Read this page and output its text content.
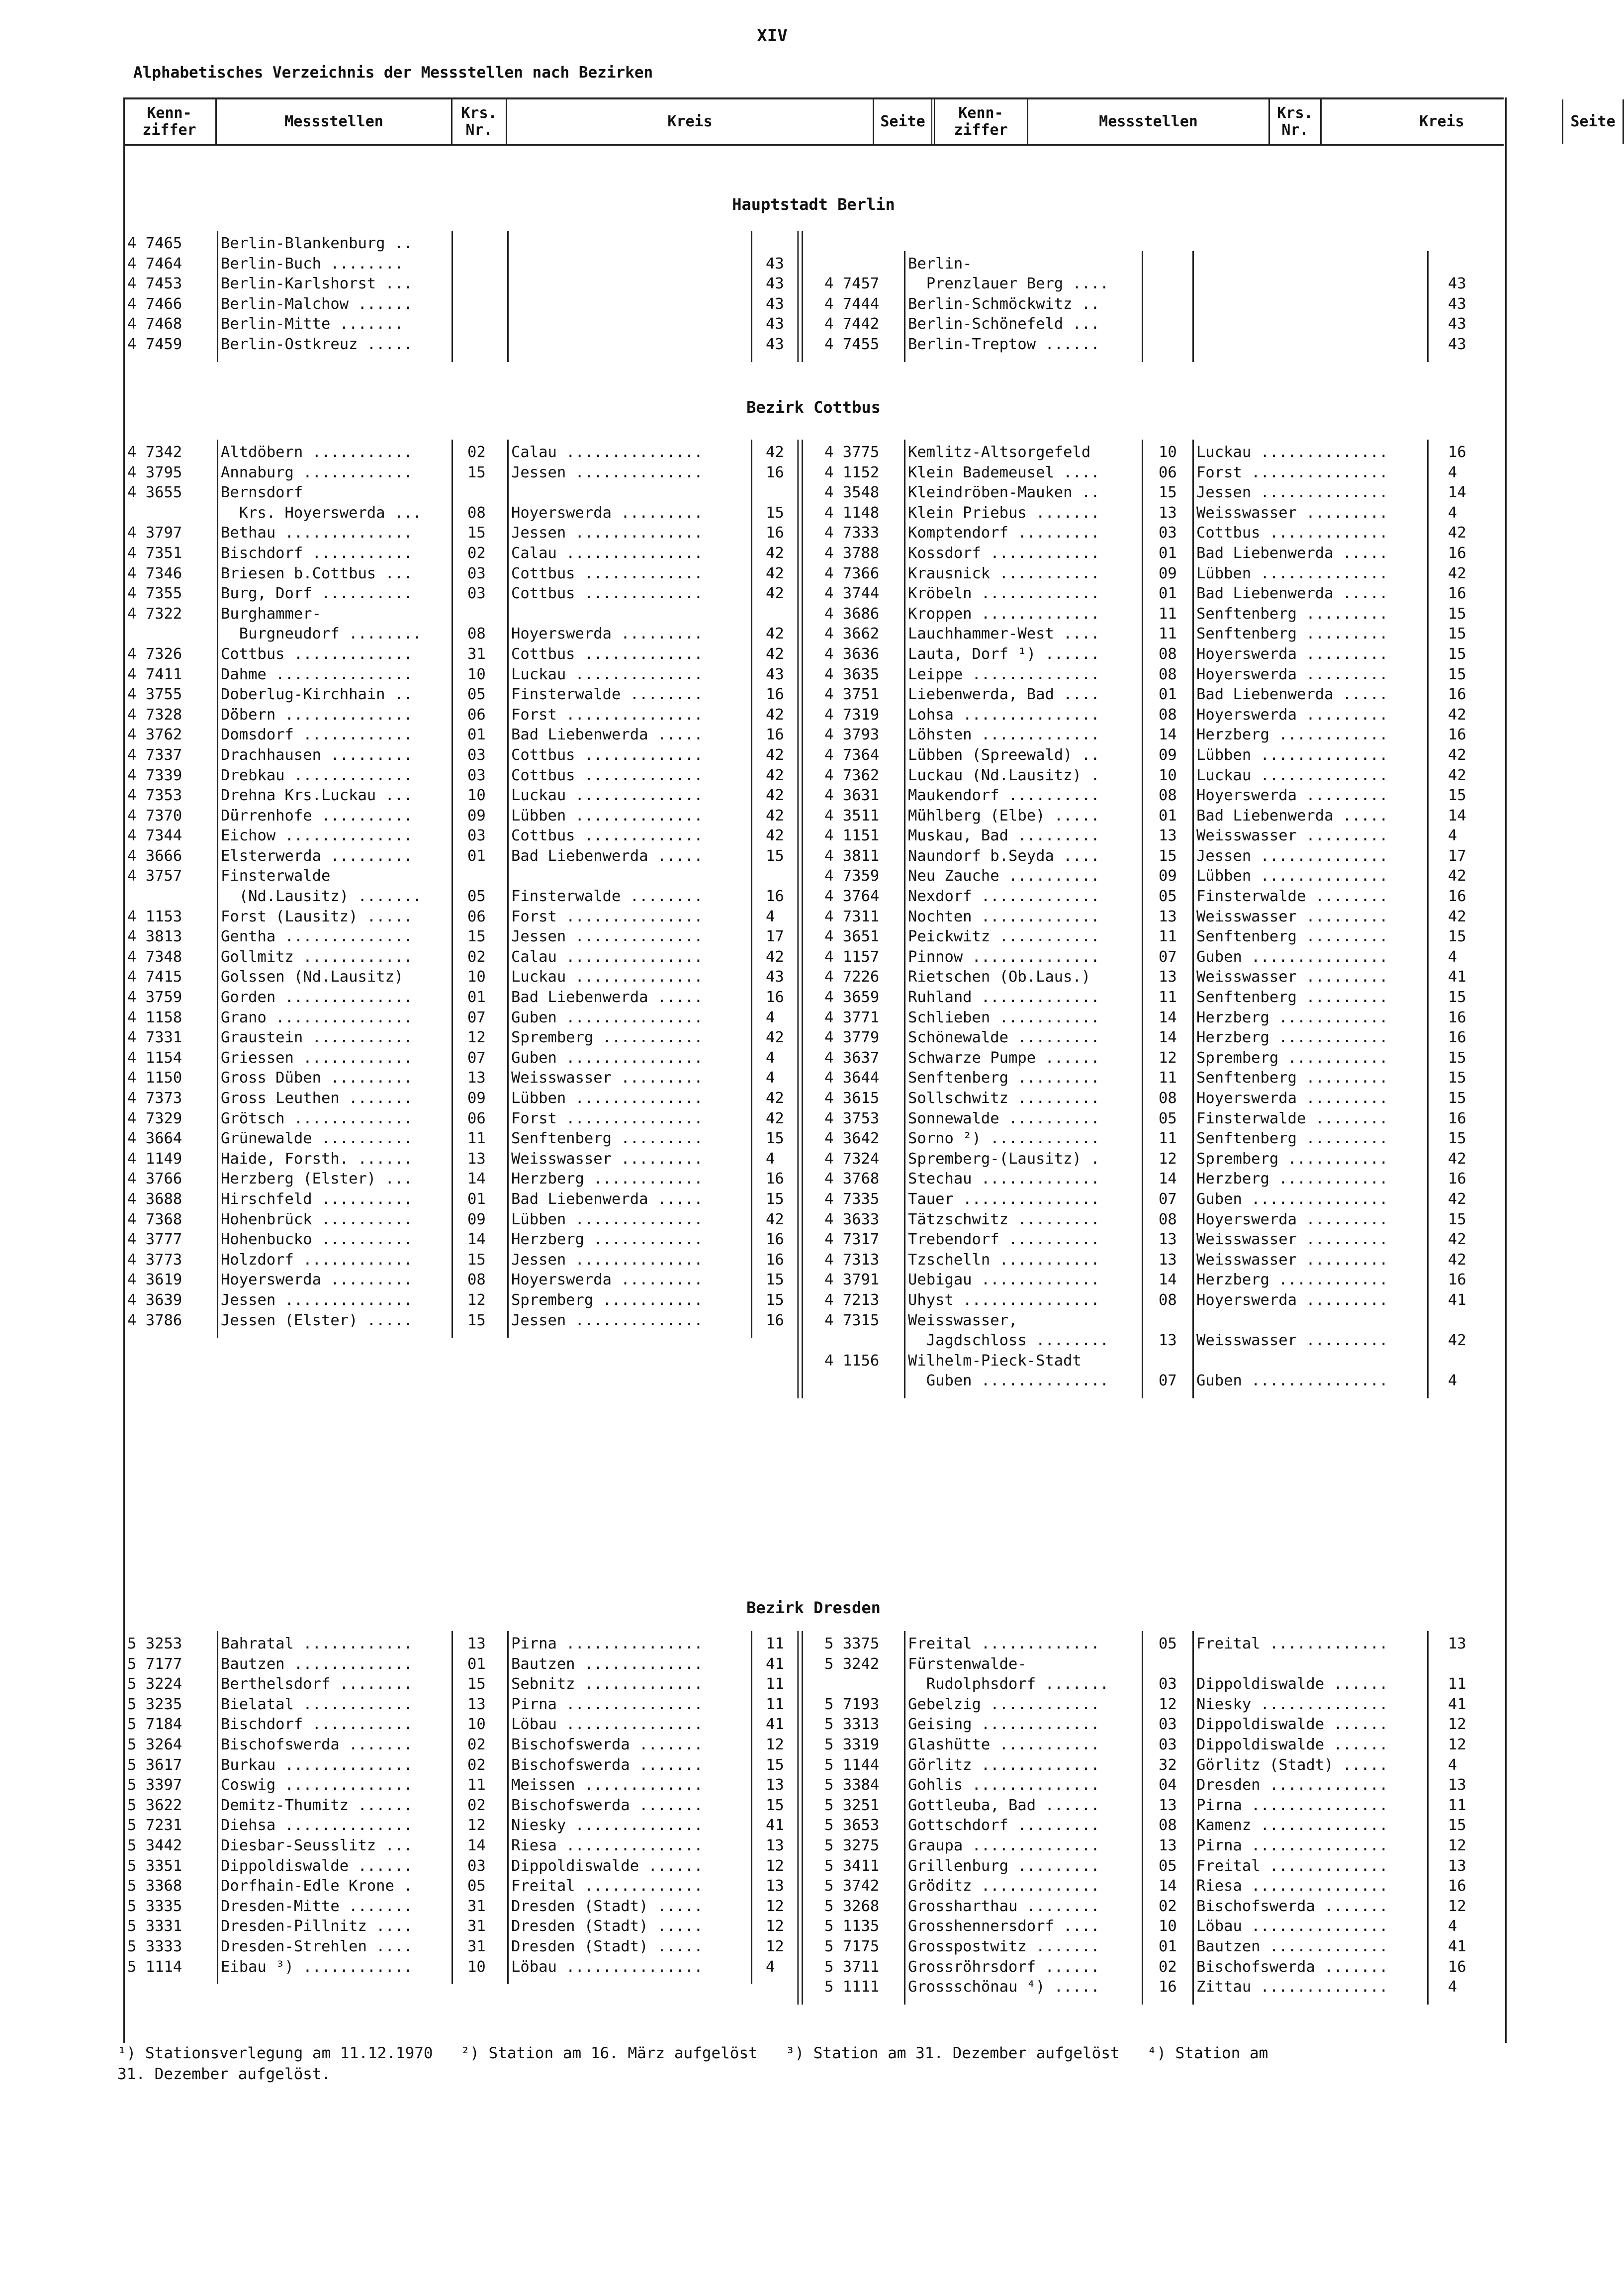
XIV
Alphabetisches Verzeichnis der Messstellen nach Bezirken
Kenn-
ziffer	Messstellen	Krs.
Nr.	Kreis	Seite	Kenn-
ziffer	Messstellen	Krs.
Nr.	Kreis	Seite
Hauptstadt Berlin
Bezirk Cottbus
Bezirk Dresden
4 7465	Berlin-Blankenburg ..
4 7464	Berlin-Buch ........	43
4 7453	Berlin-Karlshorst ...	43
4 7466	Berlin-Malchow ......	43
4 7468	Berlin-Mitte .......	43
4 7459	Berlin-Ostkreuz .....	43
Berlin-
4 7457 Prenzlauer Berg ....	43
4 7444 Berlin-Schmöckwitz ..	43
4 7442 Berlin-Schönefeld ...	43
4 7455 Berlin-Treptow ......	43
4 7342	Altdöbern ...........	02 Calau ...............	42
4 3795	Annaburg ............	15 Jessen ..............	16
4 3655	Bernsdorf
Krs. Hoyerswerda ...	08 Hoyerswerda .........	15
4 3797	Bethau ..............	15 Jessen ..............	16
4 7351	Bischdorf ...........	02 Calau ...............	42
4 7346	Briesen b.Cottbus ...	03 Cottbus .............	42
4 7355	Burg, Dorf ..........	03 Cottbus .............	42
4 7322	Burghammer-
Burgneudorf ........	08 Hoyerswerda .........	42
4 7326	Cottbus .............	31 Cottbus .............	42
4 7411	Dahme ...............	10 Luckau ..............	43
4 3755	Doberlug-Kirchhain ..	05 Finsterwalde ........	16
4 7328	Döbern ..............	06 Forst ...............	42
4 3762	Domsdorf ............	01 Bad Liebenwerda .....	16
4 7337	Drachhausen .........	03 Cottbus .............	42
4 7339	Drebkau .............	03 Cottbus .............	42
4 7353	Drehna Krs.Luckau ...	10 Luckau ..............	42
4 7370	Dürrenhofe ..........	09 Lübben ..............	42
4 7344	Eichow ..............	03 Cottbus .............	42
4 3666	Elsterwerda .........	01 Bad Liebenwerda .....	15
4 3757	Finsterwalde
(Nd.Lausitz) .......	05 Finsterwalde ........	16
4 1153	Forst (Lausitz) .....	06 Forst ...............	4
4 3813	Gentha ..............	15 Jessen ..............	17
4 7348	Gollmitz ............	02 Calau ...............	42
4 7415	Golssen (Nd.Lausitz)	10 Luckau ..............	43
4 3759	Gorden ..............	01 Bad Liebenwerda .....	16
4 1158	Grano ...............	07 Guben ...............	4
4 7331	Graustein ...........	12 Spremberg ...........	42
4 1154	Griessen ............	07 Guben ...............	4
4 1150	Gross Düben .........	13 Weisswasser .........	4
4 7373	Gross Leuthen .......	09 Lübben ..............	42
4 7329	Grötsch .............	06 Forst ...............	42
4 3664	Grünewalde ..........	11 Senftenberg .........	15
4 1149	Haide, Forsth. ......	13 Weisswasser .........	4
4 3766	Herzberg (Elster) ...	14 Herzberg ............	16
4 3688	Hirschfeld ..........	01 Bad Liebenwerda .....	15
4 7368	Hohenbrück ..........	09 Lübben ..............	42
4 3777	Hohenbucko ..........	14 Herzberg ............	16
4 3773	Holzdorf ............	15 Jessen ..............	16
4 3619	Hoyerswerda .........	08 Hoyerswerda .........	15
4 3639	Jessen ..............	12 Spremberg ...........	15
4 3786	Jessen (Elster) .....	15 Jessen ..............	16
4 3775 Kemlitz-Altsorgefeld	10 Luckau ..............	16
4 1152 Klein Bademeusel ....	06 Forst ...............	4
4 3548 Kleindröben-Mauken ..	15 Jessen ..............	14
4 1148 Klein Priebus .......	13 Weisswasser .........	4
4 7333 Komptendorf .........	03 Cottbus .............	42
4 3788 Kossdorf ............	01 Bad Liebenwerda .....	16
4 7366 Krausnick ...........	09 Lübben ..............	42
4 3744 Kröbeln .............	01 Bad Liebenwerda .....	16
4 3686 Kroppen .............	11 Senftenberg .........	15
4 3662 Lauchhammer-West ....	11 Senftenberg .........	15
4 3636 Lauta, Dorf ¹) ......	08 Hoyerswerda .........	15
4 3635 Leippe ..............	08 Hoyerswerda .........	15
4 3751 Liebenwerda, Bad ....	01 Bad Liebenwerda .....	16
4 7319 Lohsa ...............	08 Hoyerswerda .........	42
4 3793 Löhsten .............	14 Herzberg ............	16
4 7364 Lübben (Spreewald) ..	09 Lübben ..............	42
4 7362 Luckau (Nd.Lausitz) .	10 Luckau ..............	42
4 3631 Maukendorf ..........	08 Hoyerswerda .........	15
4 3511 Mühlberg (Elbe) .....	01 Bad Liebenwerda .....	14
4 1151 Muskau, Bad .........	13 Weisswasser .........	4
4 3811 Naundorf b.Seyda ....	15 Jessen ..............	17
4 7359 Neu Zauche ..........	09 Lübben ..............	42
4 3764 Nexdorf .............	05 Finsterwalde ........	16
4 7311 Nochten .............	13 Weisswasser .........	42
4 3651 Peickwitz ...........	11 Senftenberg .........	15
4 1157 Pinnow ..............	07 Guben ...............	4
4 7226 Rietschen (Ob.Laus.)	13 Weisswasser .........	41
4 3659 Ruhland .............	11 Senftenberg .........	15
4 3771 Schlieben ...........	14 Herzberg ............	16
4 3779 Schönewalde .........	14 Herzberg ............	16
4 3637 Schwarze Pumpe ......	12 Spremberg ...........	15
4 3644 Senftenberg .........	11 Senftenberg .........	15
4 3615 Sollschwitz .........	08 Hoyerswerda .........	15
4 3753 Sonnewalde ..........	05 Finsterwalde ........	16
4 3642 Sorno ²) ............	11 Senftenberg .........	15
4 7324 Spremberg-(Lausitz) .	12 Spremberg ...........	42
4 3768 Stechau .............	14 Herzberg ............	16
4 7335 Tauer ...............	07 Guben ...............	42
4 3633 Tätzschwitz .........	08 Hoyerswerda .........	15
4 7317 Trebendorf ..........	13 Weisswasser .........	42
4 7313 Tzschelln ...........	13 Weisswasser .........	42
4 3791 Uebigau .............	14 Herzberg ............	16
4 7213 Uhyst ...............	08 Hoyerswerda .........	41
4 7315 Weisswasser,
Jagdschloss ........	13 Weisswasser .........	42
4 1156 Wilhelm-Pieck-Stadt
Guben ..............	07 Guben ...............	4
5 3253	Bahratal ............	13 Pirna ...............	11
5 7177	Bautzen .............	01 Bautzen .............	41
5 3224	Berthelsdorf ........	15 Sebnitz .............	11
5 3235	Bielatal ............	13 Pirna ...............	11
5 7184	Bischdorf ...........	10 Löbau ...............	41
5 3264	Bischofswerda .......	02 Bischofswerda .......	12
5 3617	Burkau ..............	02 Bischofswerda .......	15
5 3397	Coswig ..............	11 Meissen .............	13
5 3622	Demitz-Thumitz ......	02 Bischofswerda .......	15
5 7231	Diehsa ..............	12 Niesky ..............	41
5 3442	Diesbar-Seusslitz ...	14 Riesa ...............	13
5 3351	Dippoldiswalde ......	03 Dippoldiswalde ......	12
5 3368	Dorfhain-Edle Krone .	05 Freital .............	13
5 3335	Dresden-Mitte .......	31 Dresden (Stadt) .....	12
5 3331	Dresden-Pillnitz ....	31 Dresden (Stadt) .....	12
5 3333	Dresden-Strehlen ....	31 Dresden (Stadt) .....	12
5 1114	Eibau ³) ............	10 Löbau ...............	4
5 3375 Freital .............	05 Freital .............	13
5 3242 Fürstenwalde-
Rudolphsdorf .......	03 Dippoldiswalde ......	11
5 7193 Gebelzig ............	12 Niesky ..............	41
5 3313 Geising .............	03 Dippoldiswalde ......	12
5 3319 Glashütte ...........	03 Dippoldiswalde ......	12
5 1144 Görlitz .............	32 Görlitz (Stadt) .....	4
5 3384 Gohlis ..............	04 Dresden .............	13
5 3251 Gottleuba, Bad ......	13 Pirna ...............	11
5 3653 Gottschdorf .........	08 Kamenz ..............	15
5 3275 Graupa ..............	13 Pirna ...............	12
5 3411 Grillenburg .........	05 Freital .............	13
5 3742 Gröditz .............	14 Riesa ...............	16
5 3268 Grossharthau ........	02 Bischofswerda .......	12
5 1135 Grosshennersdorf ....	10 Löbau ...............	4
5 7175 Grosspostwitz .......	01 Bautzen .............	41
5 3711 Grossröhrsdorf ......	02 Bischofswerda .......	16
5 1111 Grossschönau ⁴) .....	16 Zittau ..............	4
¹) Stationsverlegung am 11.12.1970   ²) Station am 16. März aufgelöst   ³) Station am 31. Dezember aufgelöst   ⁴) Station am
31. Dezember aufgelöst.
